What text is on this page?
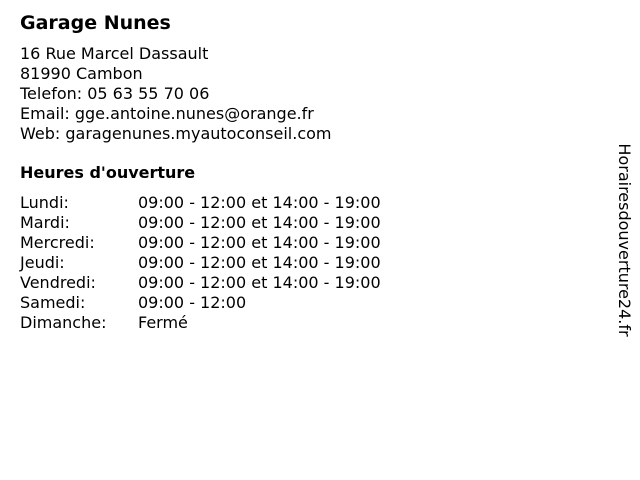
Garage Nunes
16 Rue Marcel Dassault
81990 Cambon
Telefon: 05 63 55 70 06
Email: gge.antoine.nunes@orange.fr
Web: garagenunes.myautoconseil.com
Heures d'ouverture
Lundi:	09:00 - 12:00 et 14:00 - 19:00
Mardi:	09:00 - 12:00 et 14:00 - 19:00
Mercredi:	09:00 - 12:00 et 14:00 - 19:00
Jeudi:	09:00 - 12:00 et 14:00 - 19:00
Vendredi:	09:00 - 12:00 et 14:00 - 19:00
Samedi:	09:00 - 12:00
Dimanche:	Fermé	Horairesdouverture24.fr
